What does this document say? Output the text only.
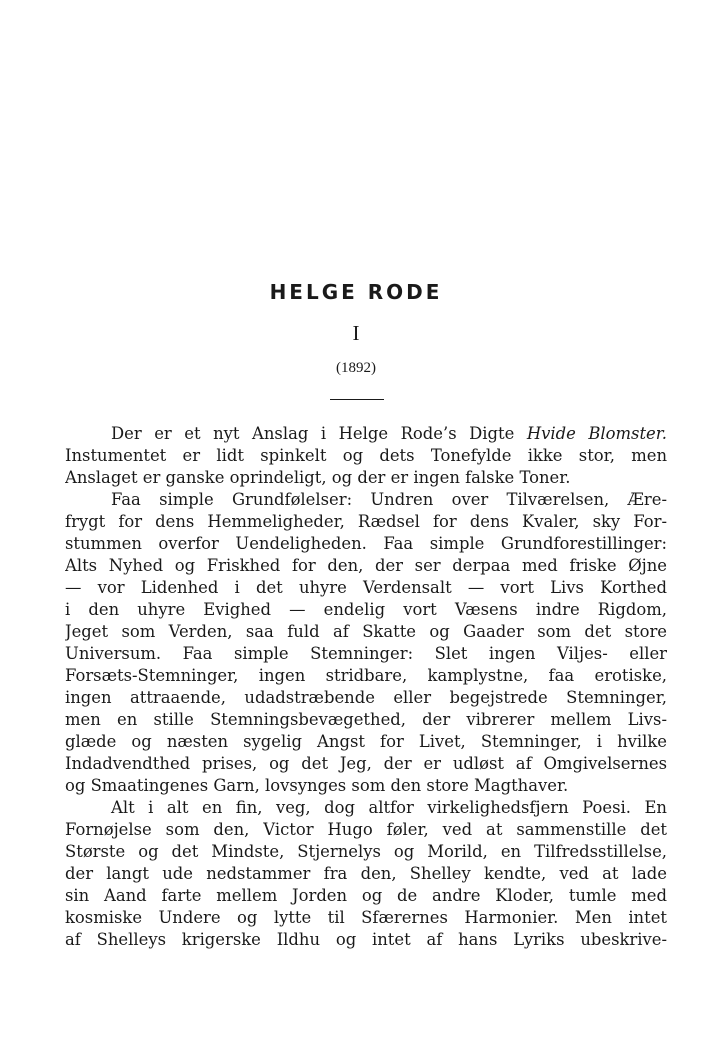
HELGE RODE
I
(1892)
Der er et nyt Anslag i Helge Rode’s Digte Hvide Blomster.
Instumentet er lidt spinkelt og dets Tonefylde ikke stor, men
Anslaget er ganske oprindeligt, og der er ingen falske Toner.
Faa simple Grundfølelser: Undren over Tilværelsen, Ære-
frygt for dens Hemmeligheder, Rædsel for dens Kvaler, sky For-
stummen overfor Uendeligheden. Faa simple Grundforestillinger:
Alts Nyhed og Friskhed for den, der ser derpaa med friske Øjne
— vor Lidenhed i det uhyre Verdensalt — vort Livs Korthed
i den uhyre Evighed — endelig vort Væsens indre Rigdom,
Jeget som Verden, saa fuld af Skatte og Gaader som det store
Universum. Faa simple Stemninger: Slet ingen Viljes- eller
Forsæts-Stemninger, ingen stridbare, kamplystne, faa erotiske,
ingen attraaende, udadstræbende eller begejstrede Stemninger,
men en stille Stemningsbevægethed, der vibrerer mellem Livs-
glæde og næsten sygelig Angst for Livet, Stemninger, i hvilke
Indadvendthed prises, og det Jeg, der er udløst af Omgivelsernes
og Smaatingenes Garn, lovsynges som den store Magthaver.
Alt i alt en fin, veg, dog altfor virkelighedsfjern Poesi. En
Fornøjelse som den, Victor Hugo føler, ved at sammenstille det
Største og det Mindste, Stjernelys og Morild, en Tilfredsstillelse,
der langt ude nedstammer fra den, Shelley kendte, ved at lade
sin Aand farte mellem Jorden og de andre Kloder, tumle med
kosmiske Undere og lytte til Sfærernes Harmonier. Men intet
af Shelleys krigerske Ildhu og intet af hans Lyriks ubeskrive-
